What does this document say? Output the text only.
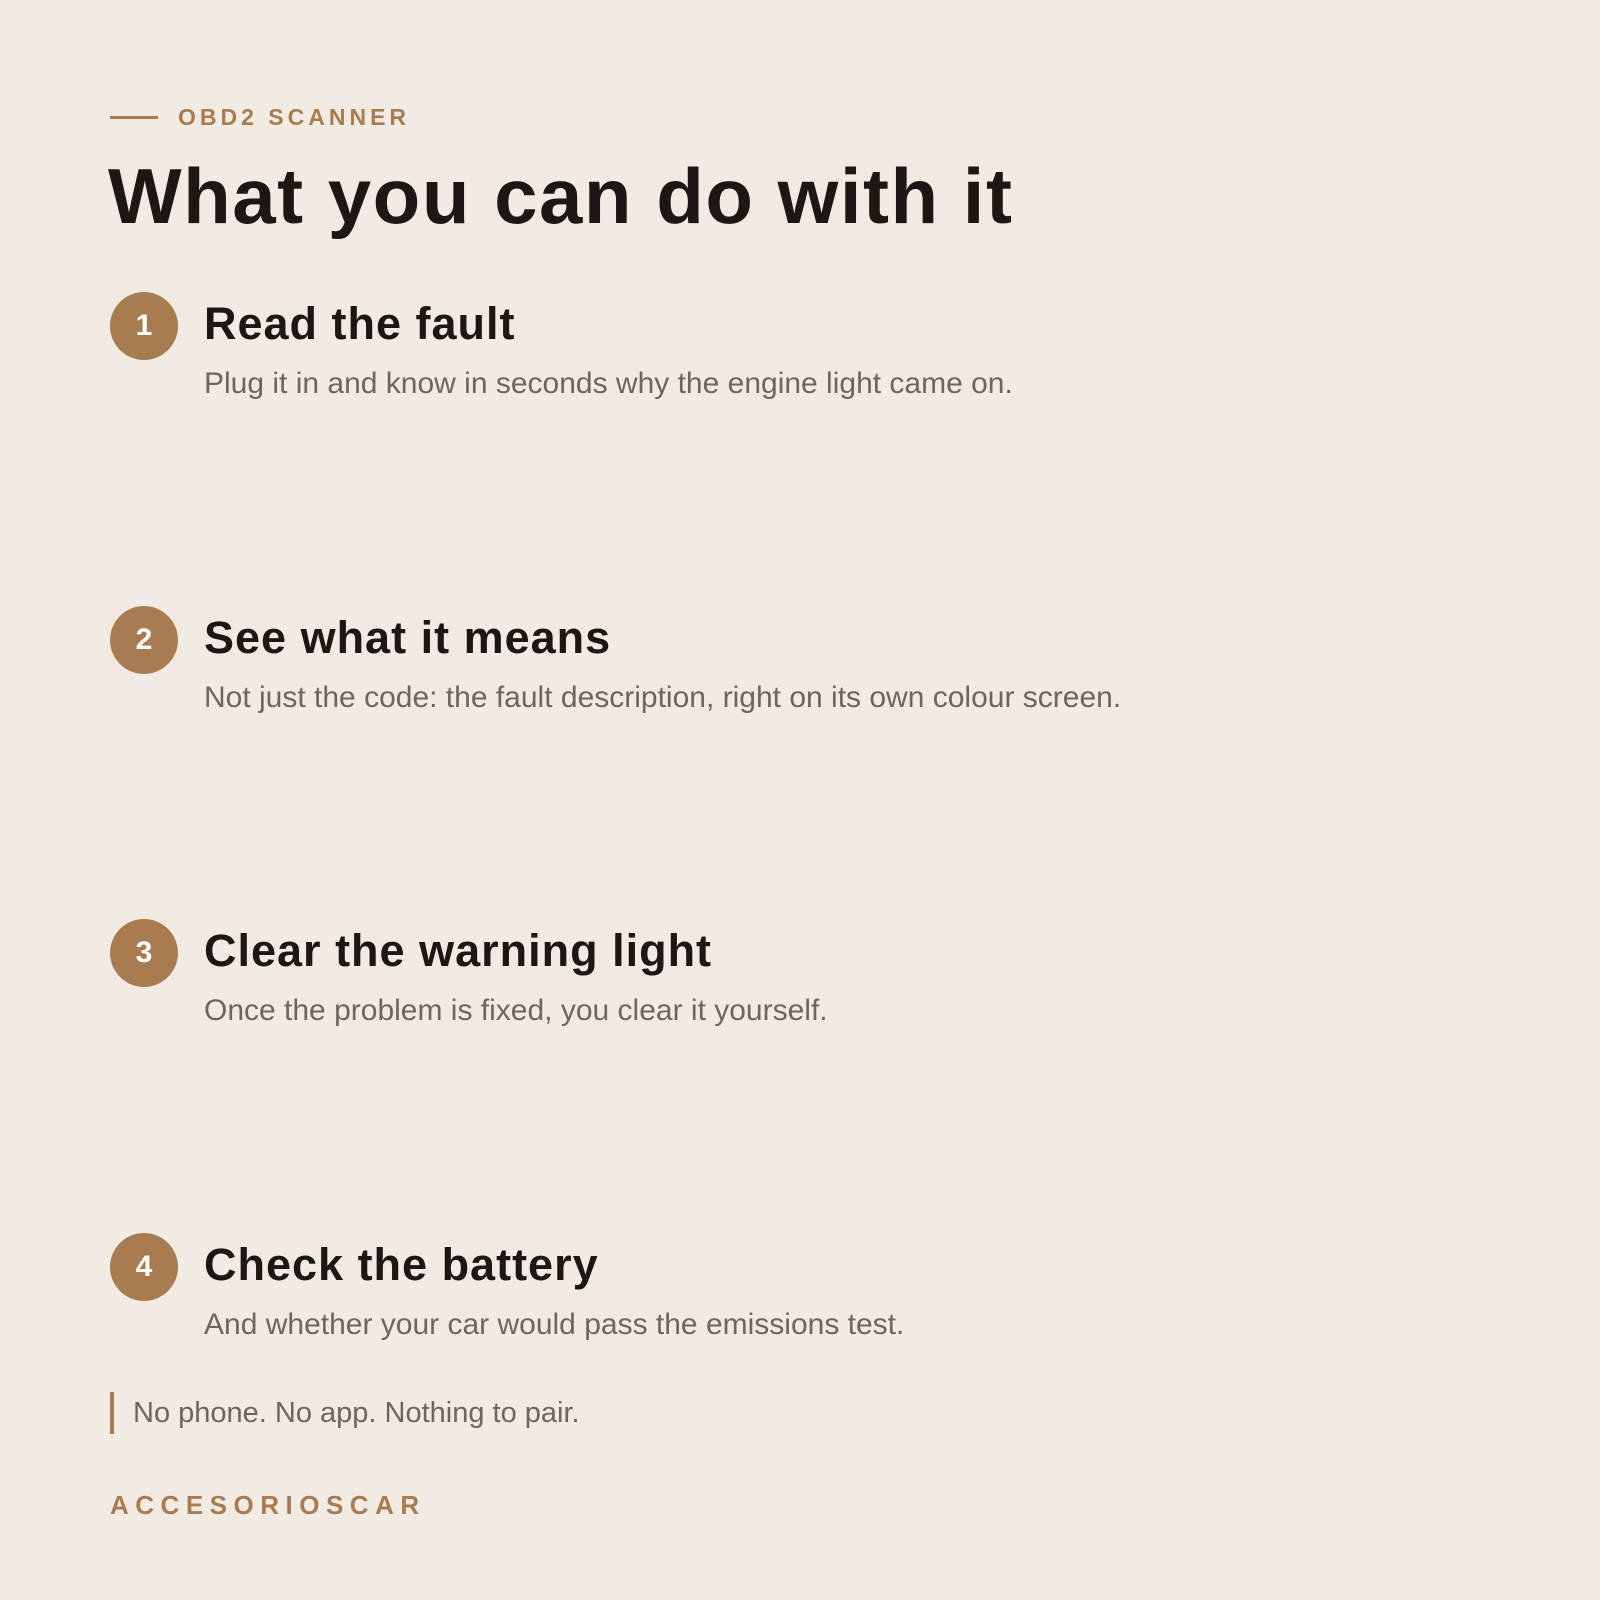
OBD2 SCANNER
What you can do with it
1	Read the fault

Plug it in and know in seconds why the engine light came on.

2	See what it means

Not just the code: the fault description, right on its own colour screen.

3	Clear the warning light

Once the problem is fixed, you clear it yourself.

4	Check the battery

And whether your car would pass the emissions test.

No phone. No app. Nothing to pair.
ACCESORIOSCAR
